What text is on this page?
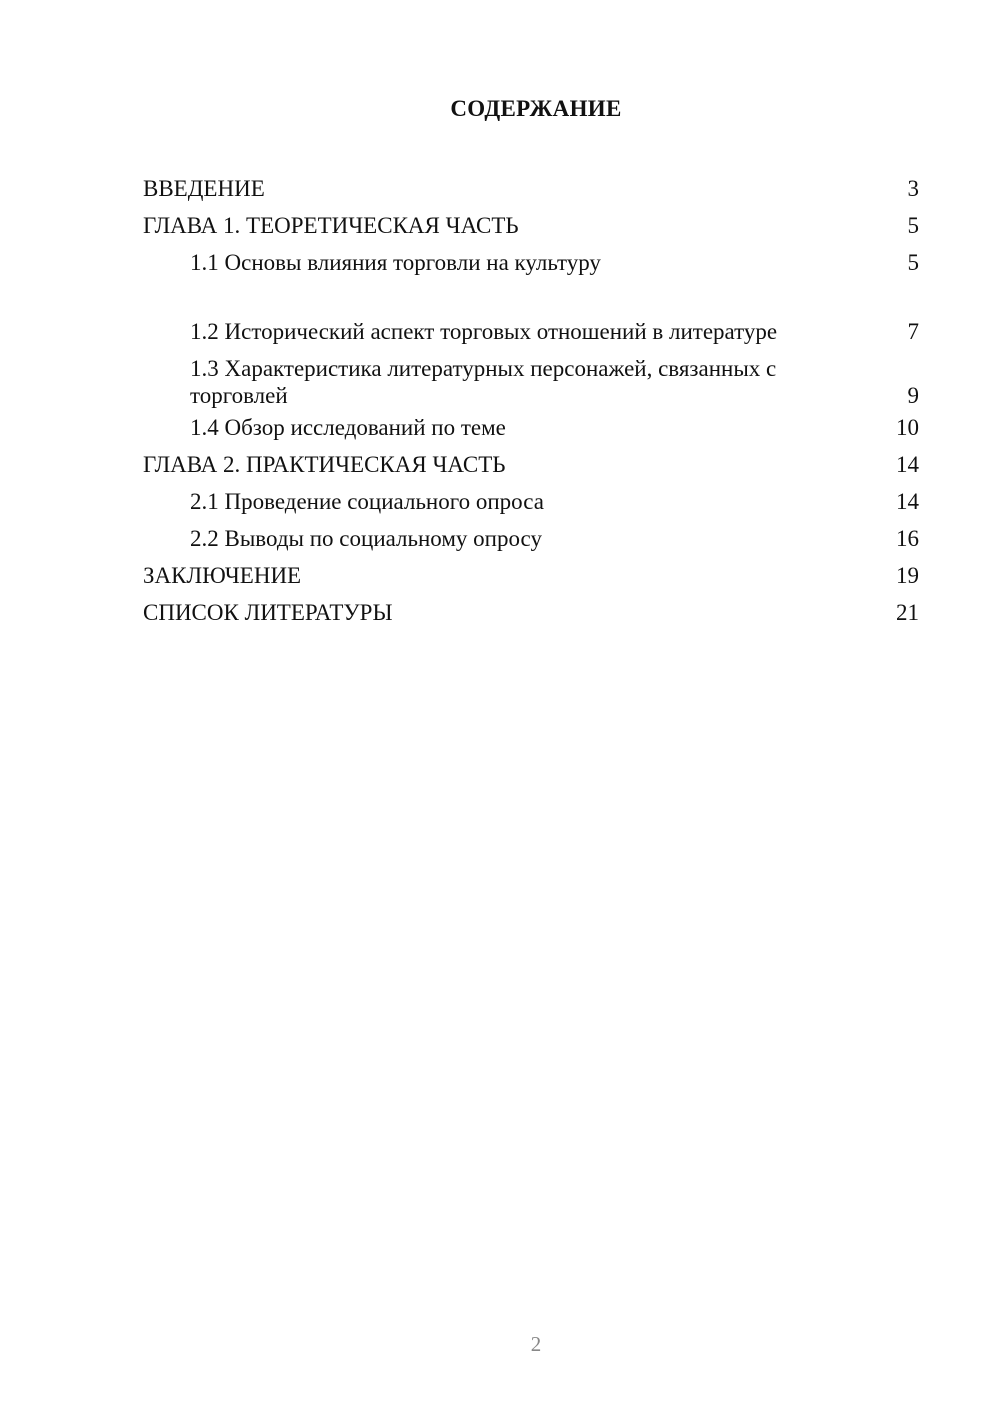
СОДЕРЖАНИЕ
ВВЕДЕНИЕ	3
ГЛАВА 1. ТЕОРЕТИЧЕСКАЯ ЧАСТЬ	5
1.1 Основы влияния торговли на культуру	5
1.2 Исторический аспект торговых отношений в литературе	7
1.3 Характеристика литературных персонажей, связанных с торговлей	9
1.4 Обзор исследований по теме	10
ГЛАВА 2. ПРАКТИЧЕСКАЯ ЧАСТЬ	14
2.1 Проведение социального опроса	14
2.2 Выводы по социальному опросу	16
ЗАКЛЮЧЕНИЕ	19
СПИСОК ЛИТЕРАТУРЫ	21
2
